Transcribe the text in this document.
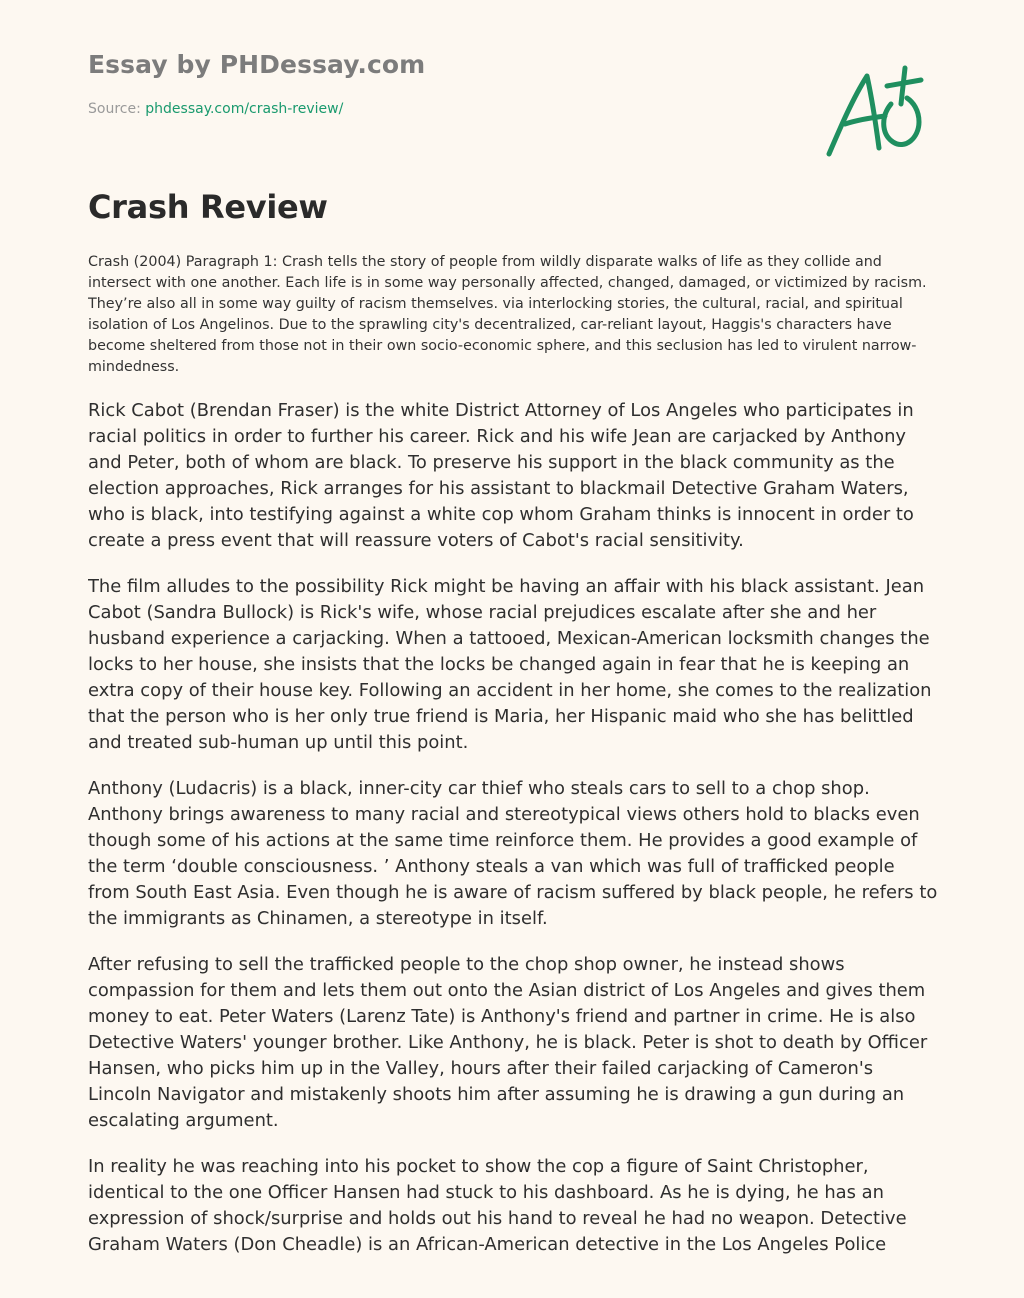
Essay by PHDessay.com
Source: phdessay.com/crash-review/
Crash Review

Crash (2004) Paragraph 1: Crash tells the story of people from wildly disparate walks of life as they collide and intersect with one another. Each life is in some way personally affected, changed, damaged, or victimized by racism. They’re also all in some way guilty of racism themselves. via interlocking stories, the cultural, racial, and spiritual isolation of Los Angelinos. Due to the sprawling city's decentralized, car-reliant layout, Haggis's characters have become sheltered from those not in their own socio-economic sphere, and this seclusion has led to virulent narrow-mindedness.

Rick Cabot (Brendan Fraser) is the white District Attorney of Los Angeles who participates in racial politics in order to further his career. Rick and his wife Jean are carjacked by Anthony and Peter, both of whom are black. To preserve his support in the black community as the election approaches, Rick arranges for his assistant to blackmail Detective Graham Waters, who is black, into testifying against a white cop whom Graham thinks is innocent in order to create a press event that will reassure voters of Cabot's racial sensitivity.

The film alludes to the possibility Rick might be having an affair with his black assistant. Jean Cabot (Sandra Bullock) is Rick's wife, whose racial prejudices escalate after she and her husband experience a carjacking. When a tattooed, Mexican-American locksmith changes the locks to her house, she insists that the locks be changed again in fear that he is keeping an extra copy of their house key. Following an accident in her home, she comes to the realization that the person who is her only true friend is Maria, her Hispanic maid who she has belittled and treated sub-human up until this point.

Anthony (Ludacris) is a black, inner-city car thief who steals cars to sell to a chop shop. Anthony brings awareness to many racial and stereotypical views others hold to blacks even though some of his actions at the same time reinforce them. He provides a good example of the term ‘double consciousness. ’ Anthony steals a van which was full of trafficked people from South East Asia. Even though he is aware of racism suffered by black people, he refers to the immigrants as Chinamen, a stereotype in itself.

After refusing to sell the trafficked people to the chop shop owner, he instead shows compassion for them and lets them out onto the Asian district of Los Angeles and gives them money to eat. Peter Waters (Larenz Tate) is Anthony's friend and partner in crime. He is also Detective Waters' younger brother. Like Anthony, he is black. Peter is shot to death by Officer Hansen, who picks him up in the Valley, hours after their failed carjacking of Cameron's Lincoln Navigator and mistakenly shoots him after assuming he is drawing a gun during an escalating argument.

In reality he was reaching into his pocket to show the cop a figure of Saint Christopher, identical to the one Officer Hansen had stuck to his dashboard. As he is dying, he has an expression of shock/surprise and holds out his hand to reveal he had no weapon. Detective Graham Waters (Don Cheadle) is an African-American detective in the Los Angeles Police
